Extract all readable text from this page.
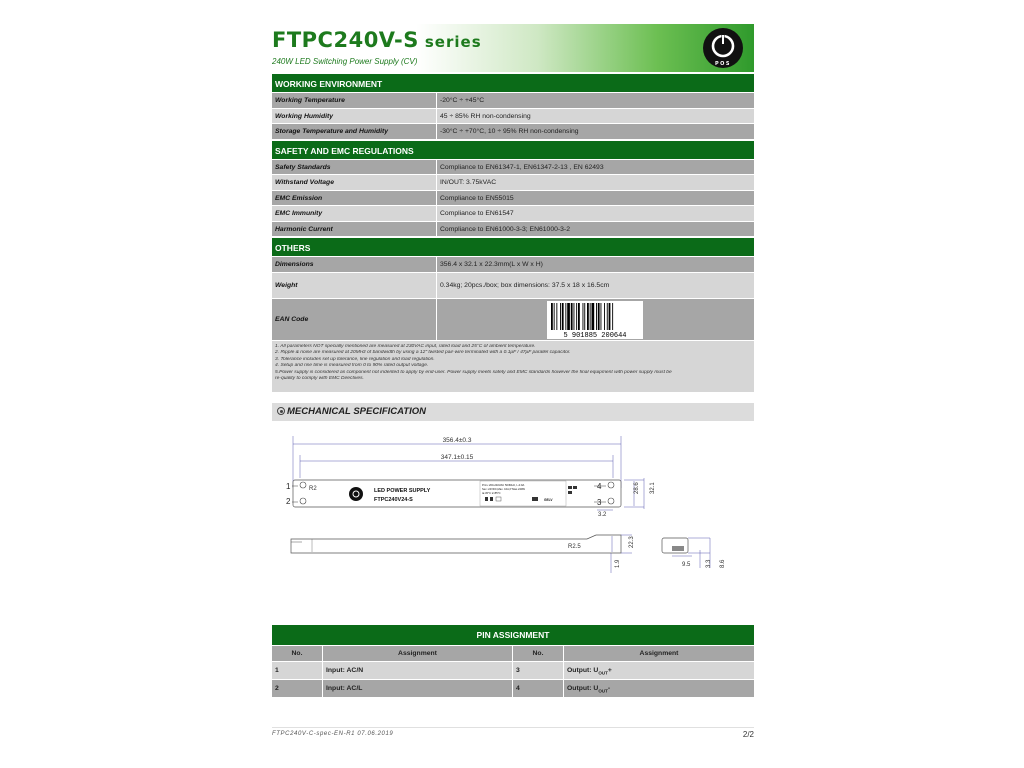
FTPC240V-S series
240W LED Switching Power Supply (CV)	POS
WORKING ENVIRONMENT
Working Temperature	-20°C ÷ +45°C
Working Humidity	45 ÷ 85% RH non-condensing
Storage Temperature and Humidity	-30°C ÷ +70°C, 10 ÷ 95% RH non-condensing
SAFETY AND EMC REGULATIONS
Safety Standards	Compliance to EN61347-1, EN61347-2-13 , EN 62493
Withstand Voltage	IN/OUT: 3.75kVAC
EMC Emission	Compliance to EN55015
EMC Immunity	Compliance to EN61547
Harmonic Current	Compliance to EN61000-3-3; EN61000-3-2
OTHERS
Dimensions	356.4 x 32.1 x 22.3mm(L x W x H)
Weight	0.34kg; 20pcs./box; box dimensions: 37.5 x 18 x 16.5cm
EAN Code
5 901885 200644

1. All parameters NOT specially mentioned are measured at 230VAC input, rated load and 25°C of ambient temperature.

2. Ripple & noise are measured at 20MHz of bandwidth by using a 12" twisted pair-wire terminated with a 0.1μF / 47μF parallel capacitor.

3. Tolerance includes set up tolerance, line regulation and load regulation.

4. Setup and rise time is measured from 0 to 90% rated output voltage.

5.Power supply is considered as component not indented to apply by end-user. Power supply meets safety and EMC standards however the final equipment with power supply must be

re-quality to comply with EMC Directives.

MECHANICAL SPECIFICATION
356.4±0.3
347.1±0.15
R2
1
2
4
3
LED POWER SUPPLY
FTPC240V24-S
Prim.:200-240VAC 50/60Hz, I~0.9A
Sec.:24VDC,Max. 10A,P Max.240W
ta:45°C tc:85°C
GELV
28.6 32.1
3.2
R2.5	22.3
1.9	9.5	3.3 8.6
PIN ASSIGNMENT
No.	Assignment	No.	Assignment
1	Input: AC/N	3	Output: $U_{OUT}+$
2	Input: AC/L	4	Output: $U_{OUT}-$
FTPC240V-C-spec-EN-R1 07.06.2019	2/2
